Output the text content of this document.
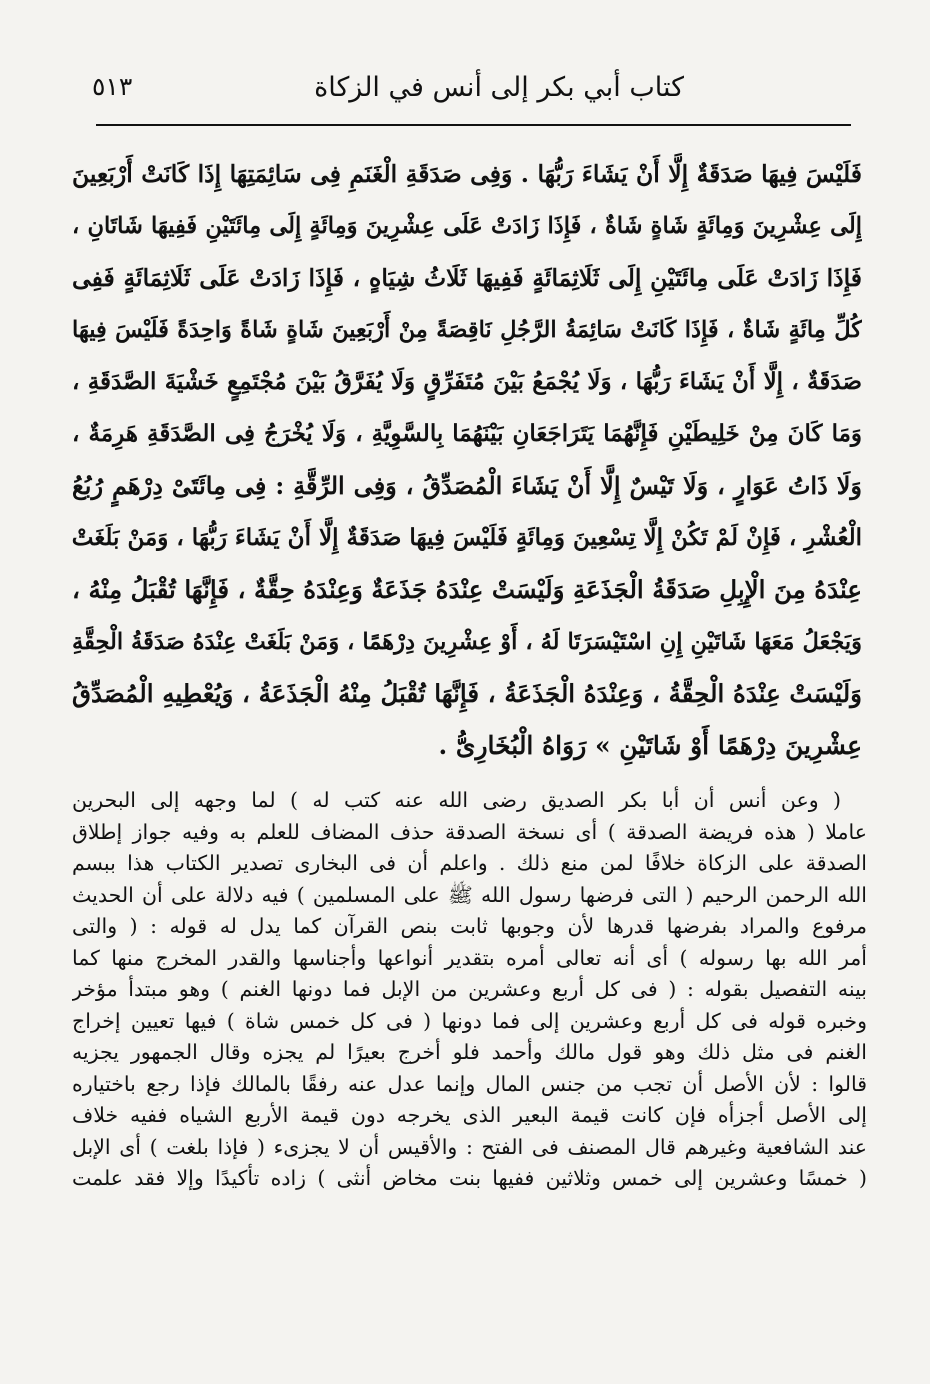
كتاب أبي بكر إلى أنس في الزكاة
٥١٣
فَلَيْسَ فِيهَا صَدَقَةٌ إِلَّا أَنْ يَشَاءَ رَبُّهَا . وَفِى صَدَقَةِ الْغَنَمِ فِى سَائِمَتِهَا إِذَا كَانَتْ أَرْبَعِينَ
إِلَى عِشْرِينَ وَمِائَةٍ شَاةٍ شَاةٌ ، فَإِذَا زَادَتْ عَلَى عِشْرِينَ وَمِائَةٍ إِلَى مِائَتَيْنِ فَفِيهَا شَاتَانِ ،
فَإِذَا زَادَتْ عَلَى مِائَتَيْنِ إِلَى ثَلَاثِمَائَةٍ فَفِيهَا ثَلَاثُ شِيَاهٍ ، فَإِذَا زَادَتْ عَلَى ثَلَاثِمَائَةٍ فَفِى
كُلِّ مِائَةٍ شَاةٌ ، فَإِذَا كَانَتْ سَائِمَةُ الرَّجُلِ نَاقِصَةً مِنْ أَرْبَعِينَ شَاةٍ شَاةً وَاحِدَةً فَلَيْسَ فِيهَا
صَدَقَةٌ ، إِلَّا أَنْ يَشَاءَ رَبُّهَا ، وَلَا يُجْمَعُ بَيْنَ مُتَفَرِّقٍ وَلَا يُفَرَّقُ بَيْنَ مُجْتَمِعٍ خَشْيَةَ الصَّدَقَةِ ،
وَمَا كَانَ مِنْ خَلِيطَيْنِ فَإِنَّهُمَا يَتَرَاجَعَانِ بَيْنَهُمَا بِالسَّوِيَّةِ ، وَلَا يُخْرَجُ فِى الصَّدَقَةِ هَرِمَةٌ ،
وَلَا ذَاتُ عَوَارٍ ، وَلَا تَيْسٌ إِلَّا أَنْ يَشَاءَ الْمُصَدِّقُ ، وَفِى الرِّقَّةِ : فِى مِائَتَىْ دِرْهَمٍ رُبُعُ
الْعُشْرِ ، فَإِنْ لَمْ تَكُنْ إِلَّا تِسْعِينَ وَمِائَةٍ فَلَيْسَ فِيهَا صَدَقَةٌ إِلَّا أَنْ يَشَاءَ رَبُّهَا ، وَمَنْ بَلَغَتْ
عِنْدَهُ مِنَ الْإِبِلِ صَدَقَةُ الْجَذَعَةِ وَلَيْسَتْ عِنْدَهُ جَذَعَةٌ وَعِنْدَهُ حِقَّةٌ ، فَإِنَّهَا تُقْبَلُ مِنْهُ ،
وَيَجْعَلُ مَعَهَا شَاتَيْنِ إِنِ اسْتَيْسَرَتَا لَهُ ، أَوْ عِشْرِينَ دِرْهَمًا ، وَمَنْ بَلَغَتْ عِنْدَهُ صَدَقَةُ الْحِقَّةِ
وَلَيْسَتْ عِنْدَهُ الْحِقَّةُ ، وَعِنْدَهُ الْجَذَعَةُ ، فَإِنَّهَا تُقْبَلُ مِنْهُ الْجَذَعَةُ ، وَيُعْطِيهِ الْمُصَدِّقُ
عِشْرِينَ دِرْهَمًا أَوْ شَاتَيْنِ » رَوَاهُ الْبُخَارِىُّ .
( وعن أنس أن أبا بكر الصديق رضى الله عنه كتب له ) لما وجهه إلى البحرين
عاملا ( هذه فريضة الصدقة ) أى نسخة الصدقة حذف المضاف للعلم به وفيه جواز إطلاق
الصدقة على الزكاة خلافًا لمن منع ذلك . واعلم أن فى البخارى تصدير الكتاب هذا ببسم
الله الرحمن الرحيم ( التى فرضها رسول الله ﷺ على المسلمين ) فيه دلالة على أن الحديث
مرفوع والمراد بفرضها قدرها لأن وجوبها ثابت بنص القرآن كما يدل له قوله : ( والتى
أمر الله بها رسوله ) أى أنه تعالى أمره بتقدير أنواعها وأجناسها والقدر المخرج منها كما
بينه التفصيل بقوله : ( فى كل أربع وعشرين من الإبل فما دونها الغنم ) وهو مبتدأ مؤخر
وخبره قوله فى كل أربع وعشرين إلى فما دونها ( فى كل خمس شاة ) فيها تعيين إخراج
الغنم فى مثل ذلك وهو قول مالك وأحمد فلو أخرج بعيرًا لم يجزه وقال الجمهور يجزيه
قالوا : لأن الأصل أن تجب من جنس المال وإنما عدل عنه رفقًا بالمالك فإذا رجع باختياره
إلى الأصل أجزأه فإن كانت قيمة البعير الذى يخرجه دون قيمة الأربع الشياه ففيه خلاف
عند الشافعية وغيرهم قال المصنف فى الفتح : والأقيس أن لا يجزىء ( فإذا بلغت ) أى الإبل
( خمسًا وعشرين إلى خمس وثلاثين ففيها بنت مخاض أنثى ) زاده تأكيدًا وإلا فقد علمت
